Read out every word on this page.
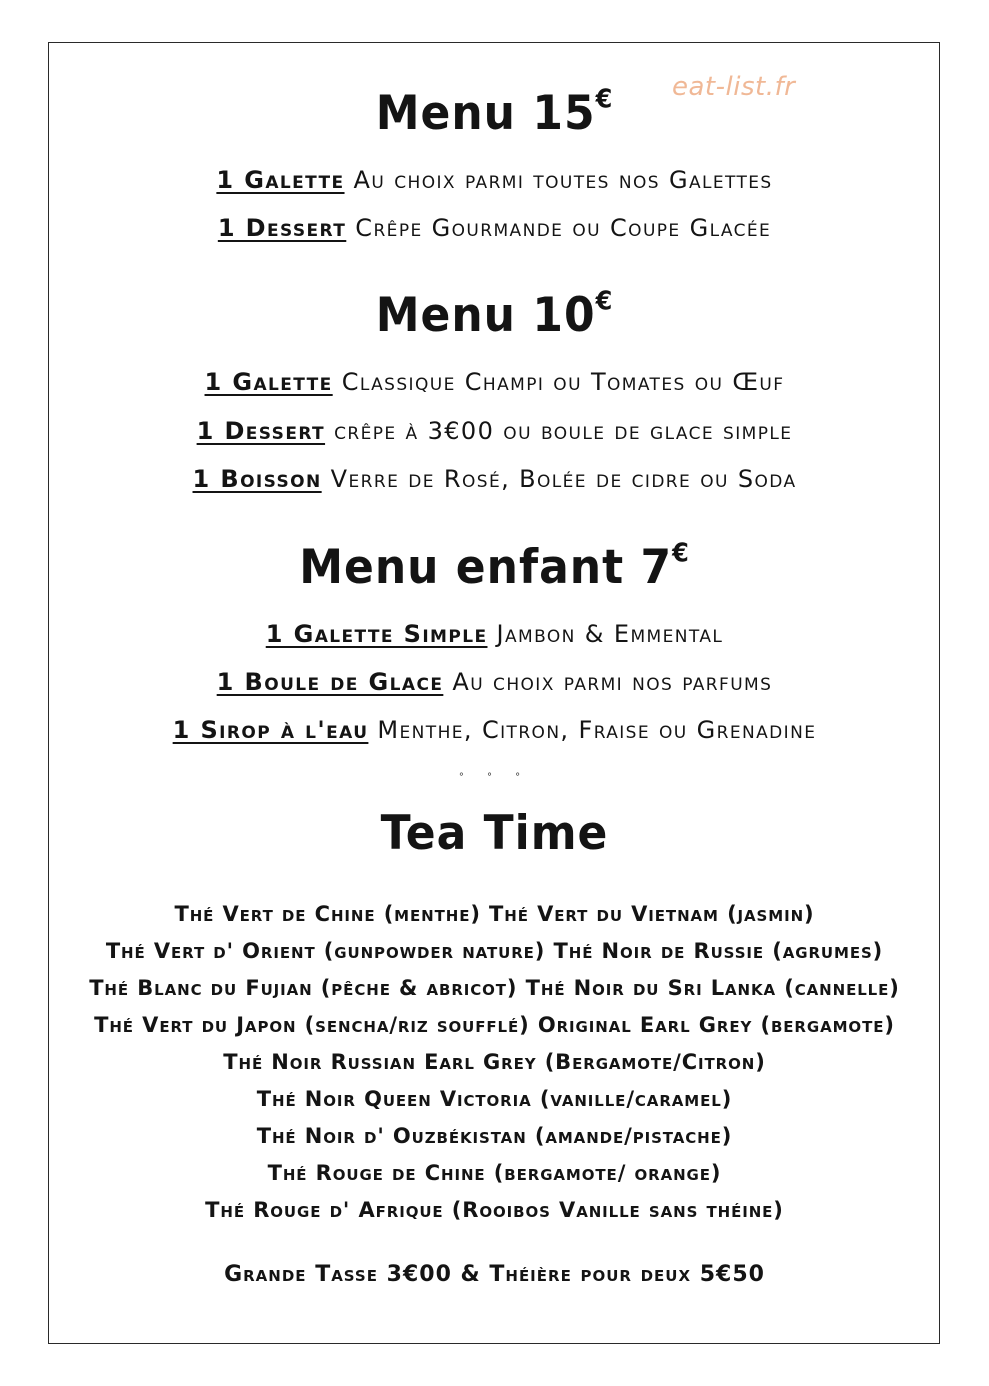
eat-list.fr
Menu 15€
1 Galette Au choix parmi toutes nos Galettes
1 Dessert Crêpe Gourmande ou Coupe Glacée
Menu 10€
1 Galette Classique Champi ou Tomates ou Œuf
1 Dessert crêpe à 3€00 ou boule de glace simple
1 Boisson Verre de Rosé, Bolée de cidre ou Soda
Menu enfant 7€
1 Galette Simple Jambon & Emmental
1 Boule de Glace Au choix parmi nos parfums
1 Sirop à l'eau Menthe, Citron, Fraise ou Grenadine
° ° °
Tea Time
Thé Vert de Chine (menthe) Thé Vert du Vietnam (jasmin)
Thé Vert d' Orient (gunpowder nature) Thé Noir de Russie (agrumes)
Thé Blanc du Fujian (pêche & abricot) Thé Noir du Sri Lanka (cannelle)
Thé Vert du Japon (sencha/riz soufflé) Original Earl Grey (bergamote)
Thé Noir Russian Earl Grey (Bergamote/Citron)
Thé Noir Queen Victoria (vanille/caramel)
Thé Noir d' Ouzbékistan (amande/pistache)
Thé Rouge de Chine (bergamote/ orange)
Thé Rouge d' Afrique (Rooibos Vanille sans théine)
Grande Tasse 3€00 & Théière pour deux 5€50
